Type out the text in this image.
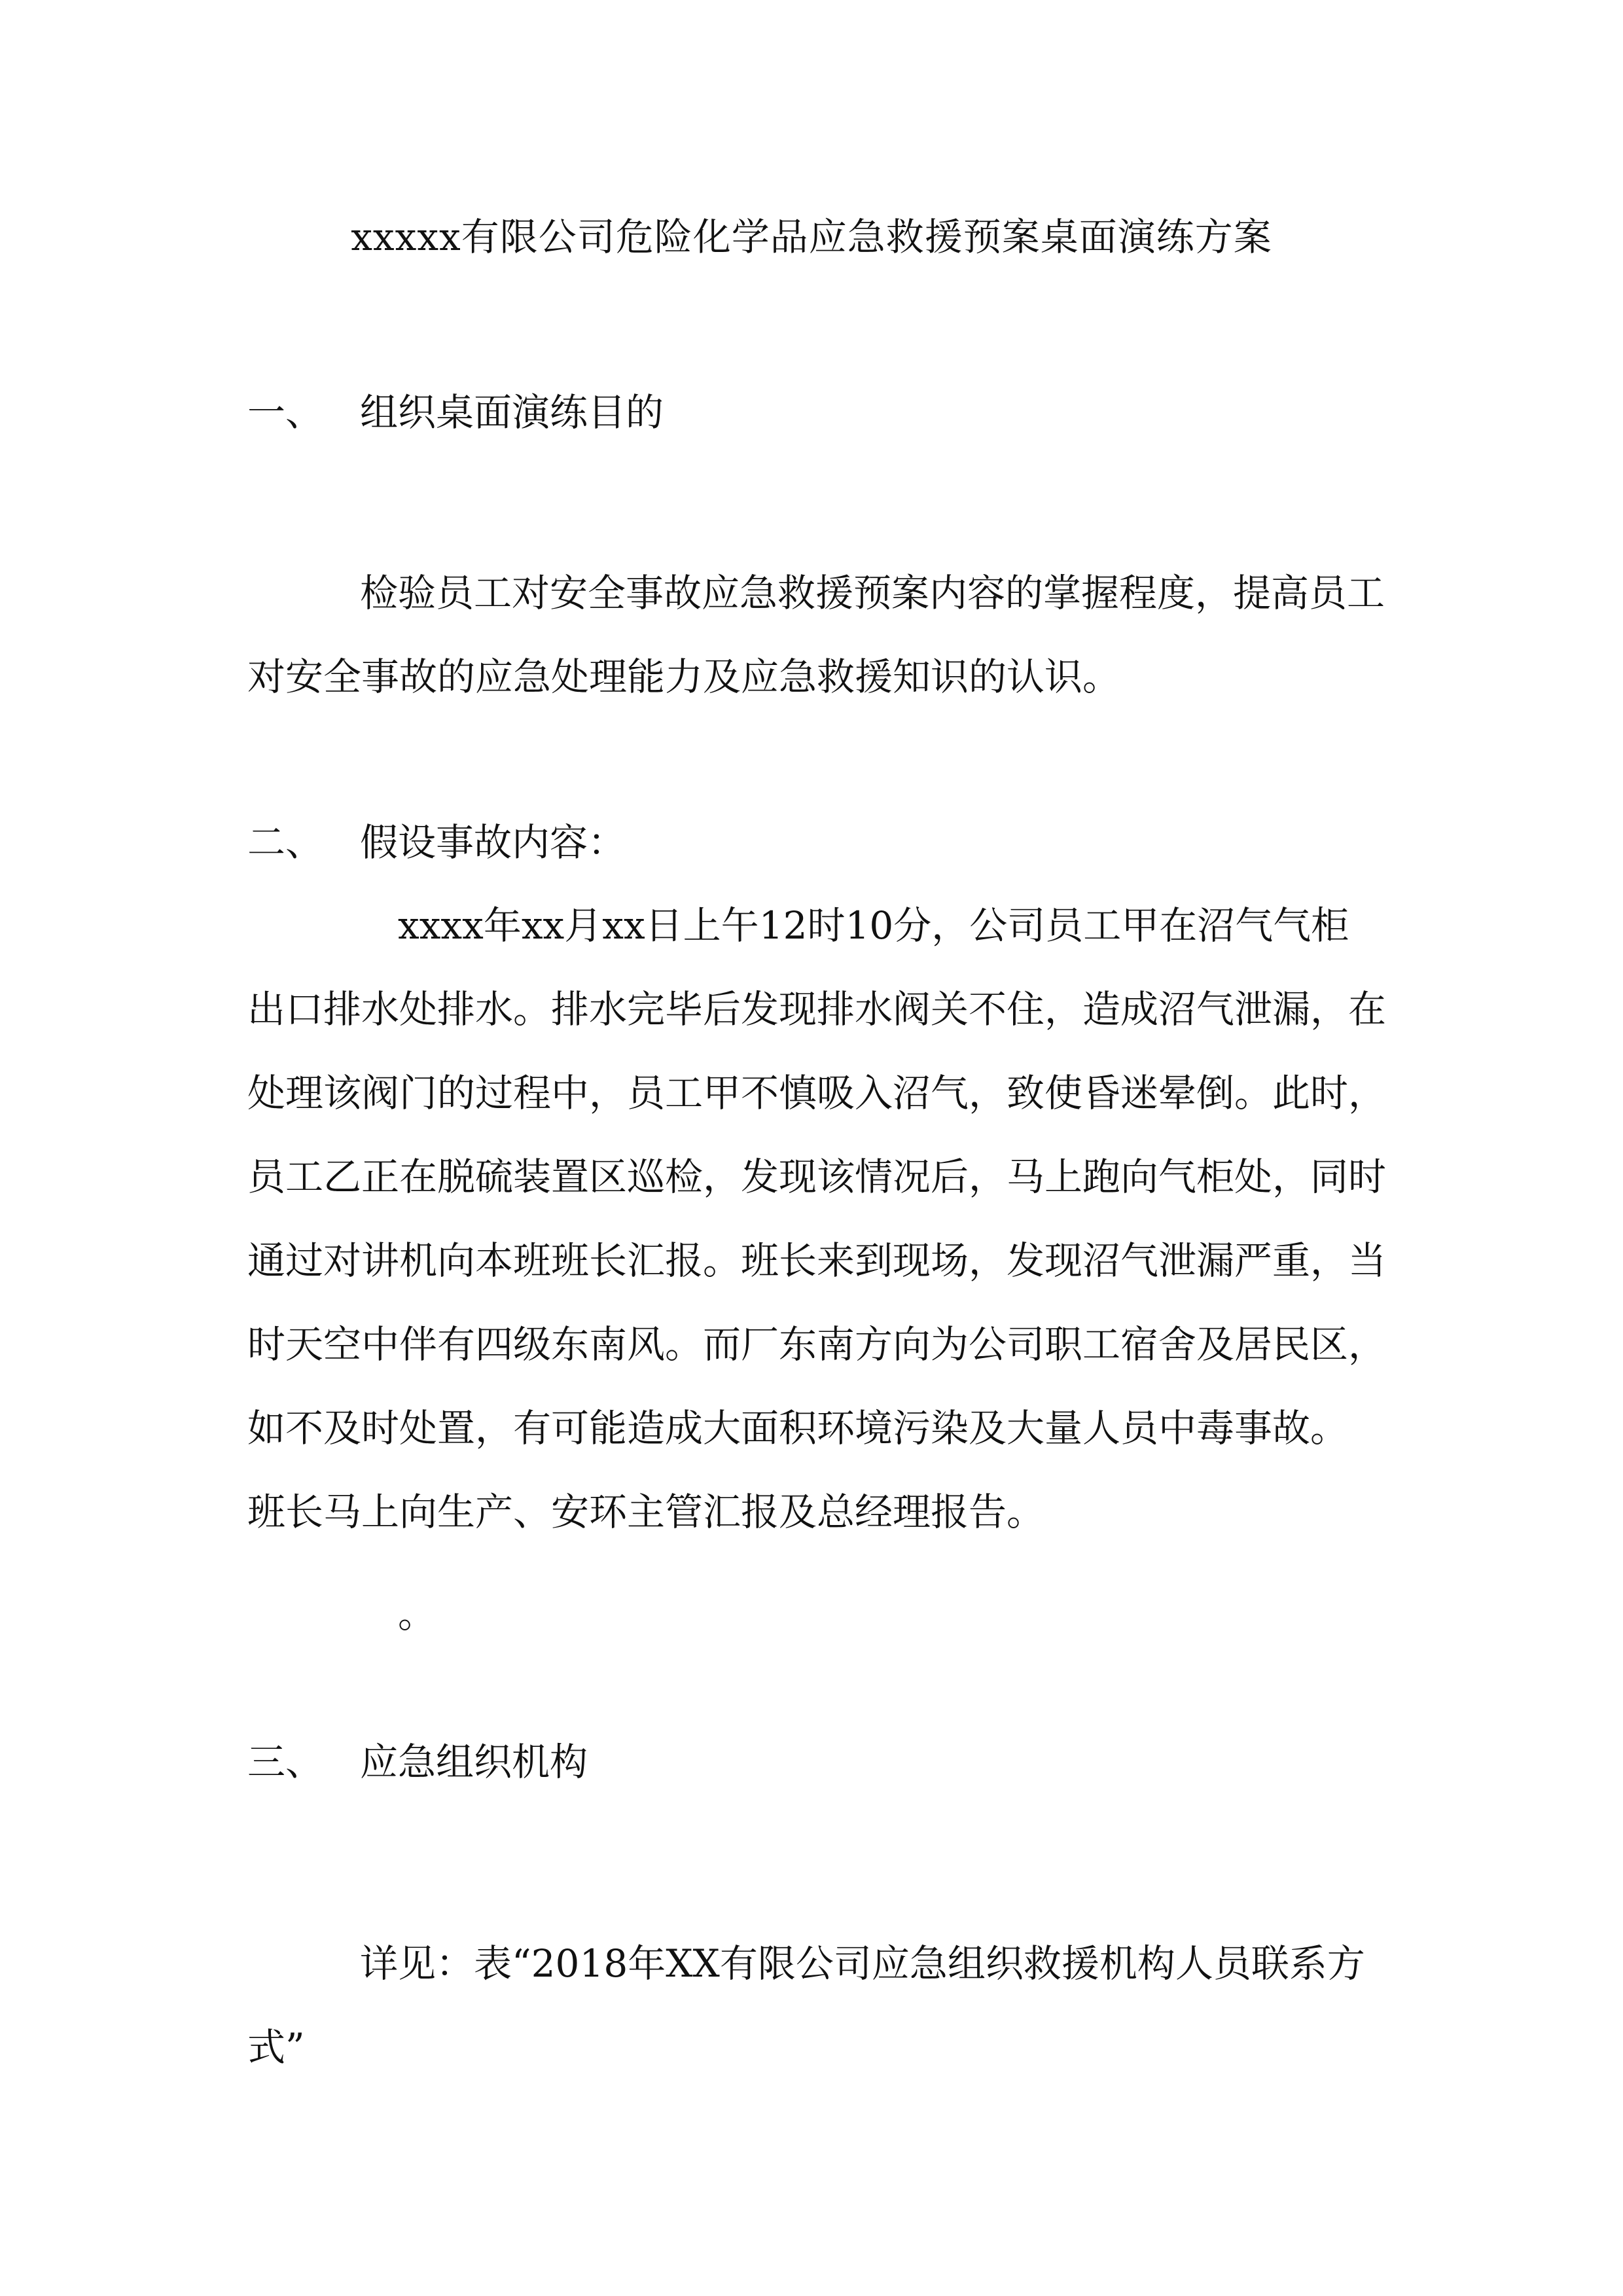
xxxxx有限公司危险化学品应急救援预案桌面演练方案
一、 组织桌面演练目的
检验员工对安全事故应急救援预案内容的掌握程度，提高员工
对安全事故的应急处理能力及应急救援知识的认识。
二、 假设事故内容：
xxxx年xx月xx日上午12时10分，公司员工甲在沼气气柜
出口排水处排水。排水完毕后发现排水阀关不住，造成沼气泄漏，在
处理该阀门的过程中，员工甲不慎吸入沼气，致使昏迷晕倒。此时，
员工乙正在脱硫装置区巡检，发现该情况后，马上跑向气柜处，同时
通过对讲机向本班班长汇报。班长来到现场，发现沼气泄漏严重，当
时天空中伴有四级东南风。而厂东南方向为公司职工宿舍及居民区，
如不及时处置，有可能造成大面积环境污染及大量人员中毒事故。
班长马上向生产、安环主管汇报及总经理报告。
。
三、 应急组织机构
详见：表“2018年XX有限公司应急组织救援机构人员联系方
式”
